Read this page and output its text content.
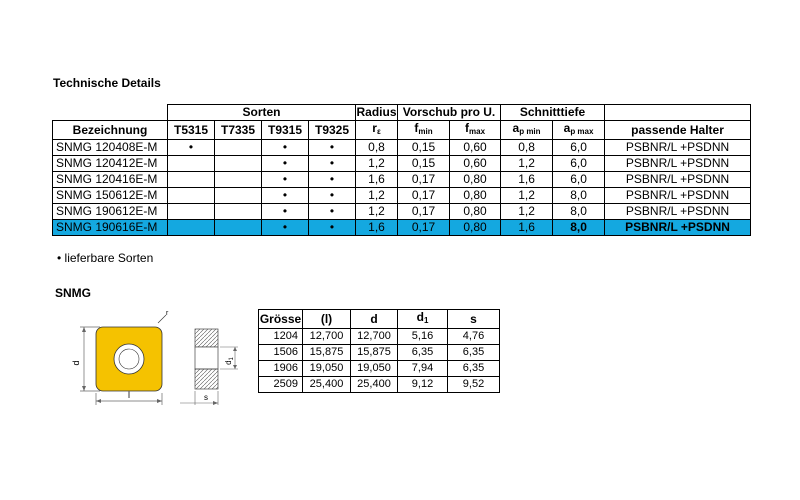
Technische Details
	Sorten				Radius	Vorschub pro U.		Schnitttiefe		
Bezeichnung	T5315	T7335	T9315	T9325	$r_\varepsilon$	$f_{min}$	$f_{max}$	$a_{p min}$	$a_{p max}$	passende Halter
SNMG 120408E-M	•		•	•	0,8	0,15	0,60	0,8	6,0	PSBNR/L +PSDNN
SNMG 120412E-M			•	•	1,2	0,15	0,60	1,2	6,0	PSBNR/L +PSDNN
SNMG 120416E-M			•	•	1,6	0,17	0,80	1,6	6,0	PSBNR/L +PSDNN
SNMG 150612E-M			•	•	1,2	0,17	0,80	1,2	8,0	PSBNR/L +PSDNN
SNMG 190612E-M			•	•	1,2	0,17	0,80	1,2	8,0	PSBNR/L +PSDNN
SNMG 190616E-M			•	•	1,6	0,17	0,80	1,6	8,0	PSBNR/L +PSDNN
• lieferbare Sorten
SNMG
d
r
l
$d_1$
s
Grösse	(l)	d	$d_1$	s
1204	12,700	12,700	5,16	4,76
1506	15,875	15,875	6,35	6,35
1906	19,050	19,050	7,94	6,35
2509	25,400	25,400	9,12	9,52
